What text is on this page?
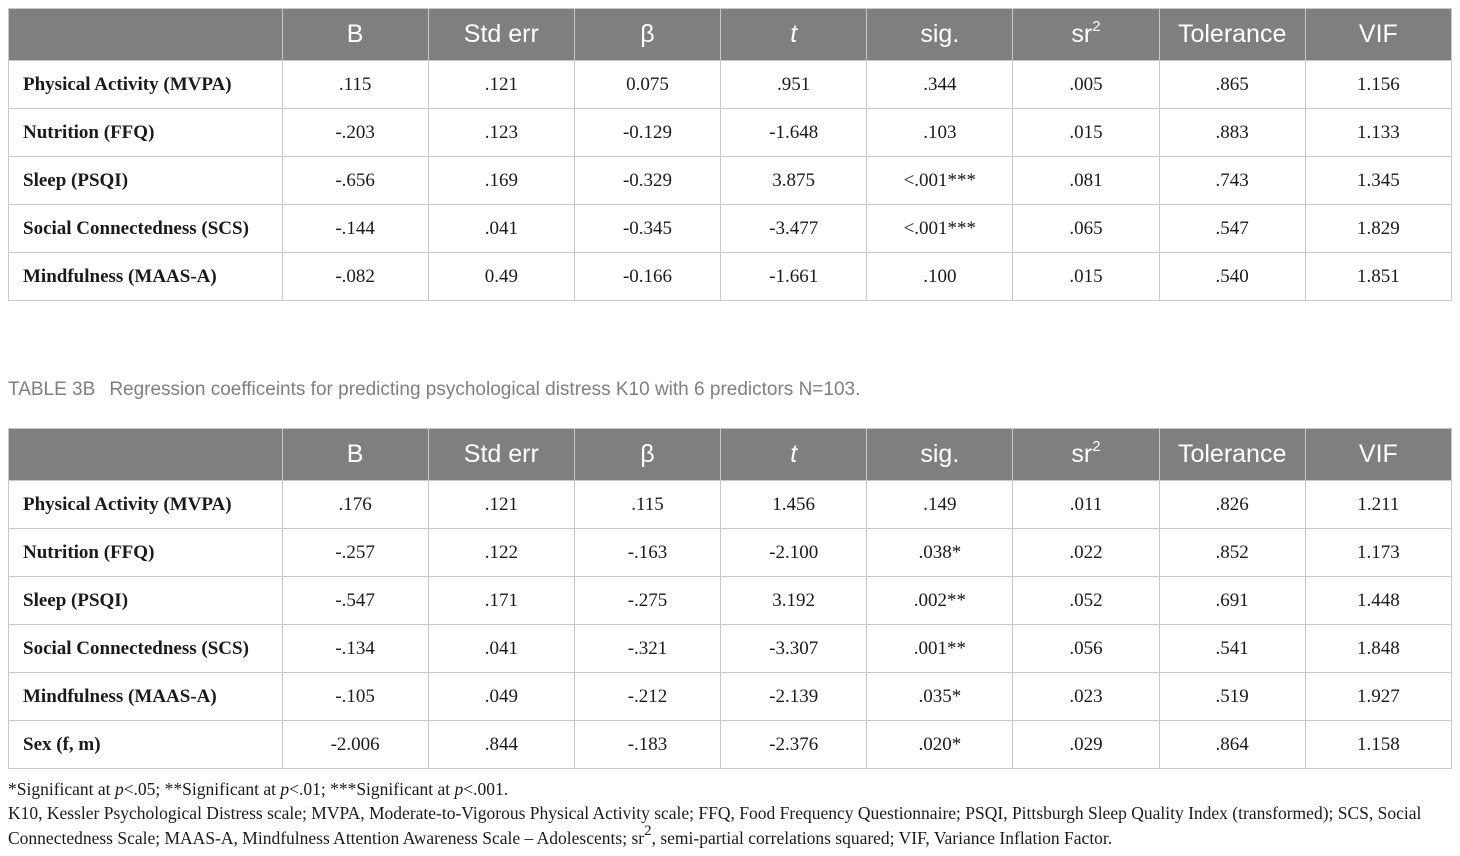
	B	Std err	β	t	sig.	$sr^2$	Tolerance	VIF
Physical Activity (MVPA)	.115	.121	0.075	.951	.344	.005	.865	1.156
Nutrition (FFQ)	-.203	.123	-0.129	-1.648	.103	.015	.883	1.133
Sleep (PSQI)	-.656	.169	-0.329	3.875	<.001***	.081	.743	1.345
Social Connectedness (SCS)	-.144	.041	-0.345	-3.477	<.001***	.065	.547	1.829
Mindfulness (MAAS-A)	-.082	0.49	-0.166	-1.661	.100	.015	.540	1.851

TABLE 3B Regression coefficeints for predicting psychological distress K10 with 6 predictors N=103.

	B	Std err	β	t	sig.	$sr^2$	Tolerance	VIF
Physical Activity (MVPA)	.176	.121	.115	1.456	.149	.011	.826	1.211
Nutrition (FFQ)	-.257	.122	-.163	-2.100	.038*	.022	.852	1.173
Sleep (PSQI)	-.547	.171	-.275	3.192	.002**	.052	.691	1.448
Social Connectedness (SCS)	-.134	.041	-.321	-3.307	.001**	.056	.541	1.848
Mindfulness (MAAS-A)	-.105	.049	-.212	-2.139	.035*	.023	.519	1.927
Sex (f, m)	-2.006	.844	-.183	-2.376	.020*	.029	.864	1.158

*Significant at p<.05; **Significant at p<.01; ***Significant at p<.001.

K10, Kessler Psychological Distress scale; MVPA, Moderate-to-Vigorous Physical Activity scale; FFQ, Food Frequency Questionnaire; PSQI, Pittsburgh Sleep Quality Index (transformed); SCS, Social Connectedness Scale; MAAS-A, Mindfulness Attention Awareness Scale – Adolescents; $sr^2$, semi-partial correlations squared; VIF, Variance Inflation Factor.
